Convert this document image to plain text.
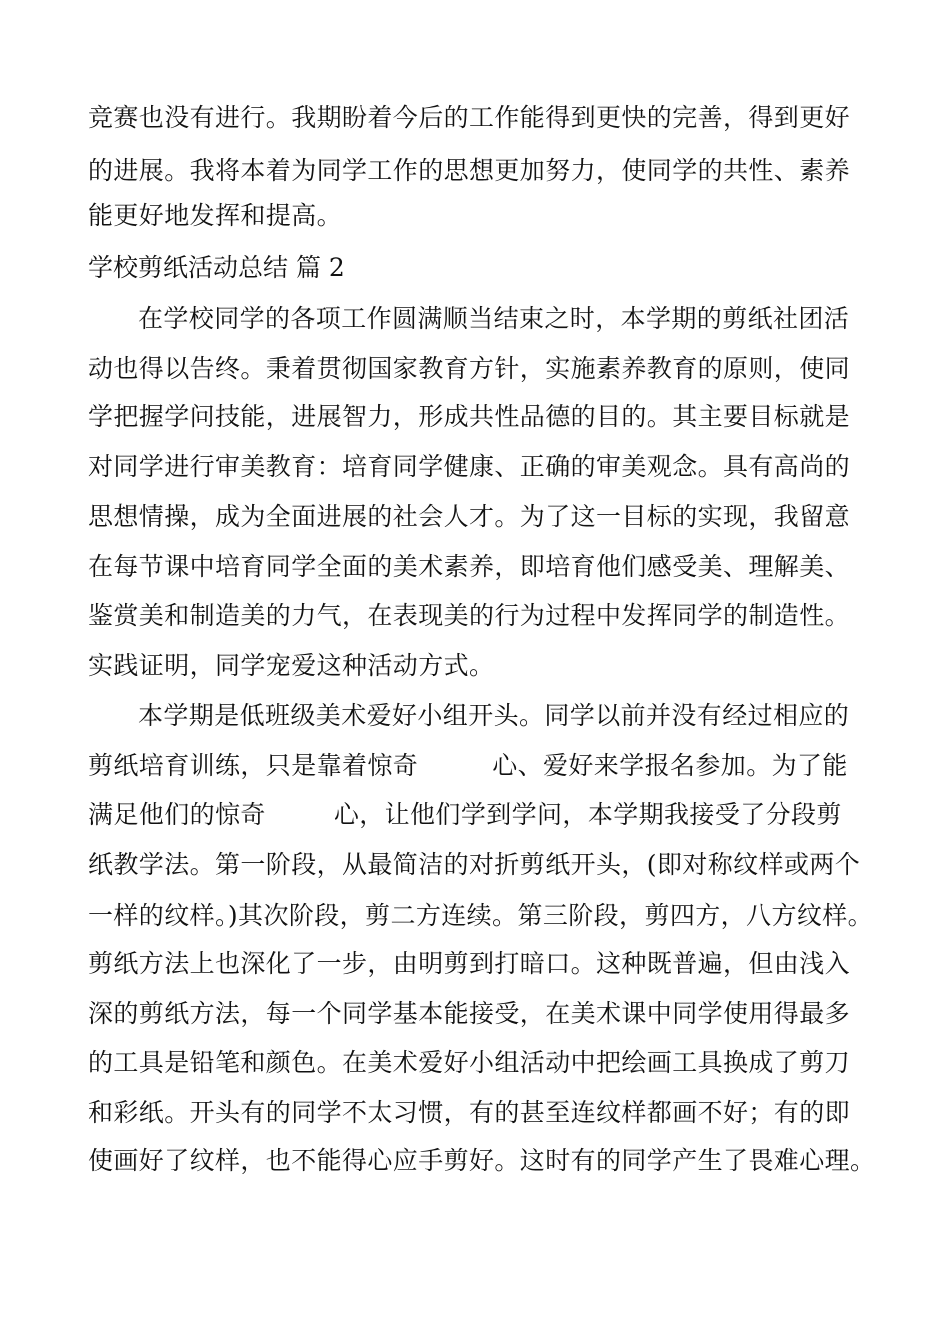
竞赛也没有进行。我期盼着今后的工作能得到更快的完善，得到更好

的进展。我将本着为同学工作的思想更加努力，使同学的共性、素养

能更好地发挥和提高。

学校剪纸活动总结 篇 2

在学校同学的各项工作圆满顺当结束之时，本学期的剪纸社团活

动也得以告终。秉着贯彻国家教育方针，实施素养教育的原则，使同

学把握学问技能，进展智力，形成共性品德的目的。其主要目标就是

对同学进行审美教育：培育同学健康、正确的审美观念。具有高尚的

思想情操，成为全面进展的社会人才。为了这一目标的实现，我留意

在每节课中培育同学全面的美术素养，即培育他们感受美、理解美、

鉴赏美和制造美的力气，在表现美的行为过程中发挥同学的制造性。

实践证明，同学宠爱这种活动方式。

本学期是低班级美术爱好小组开头。同学以前并没有经过相应的

剪纸培育训练，只是靠着惊奇	心、爱好来学报名参加。为了能

满足他们的惊奇	心，让他们学到学问，本学期我接受了分段剪

纸教学法。第一阶段，从最简洁的对折剪纸开头，(即对称纹样或两个

一样的纹样。)其次阶段，剪二方连续。第三阶段，剪四方，八方纹样。

剪纸方法上也深化了一步，由明剪到打暗口。这种既普遍，但由浅入

深的剪纸方法，每一个同学基本能接受，在美术课中同学使用得最多

的工具是铅笔和颜色。在美术爱好小组活动中把绘画工具换成了剪刀

和彩纸。开头有的同学不太习惯，有的甚至连纹样都画不好；有的即

使画好了纹样，也不能得心应手剪好。这时有的同学产生了畏难心理。
